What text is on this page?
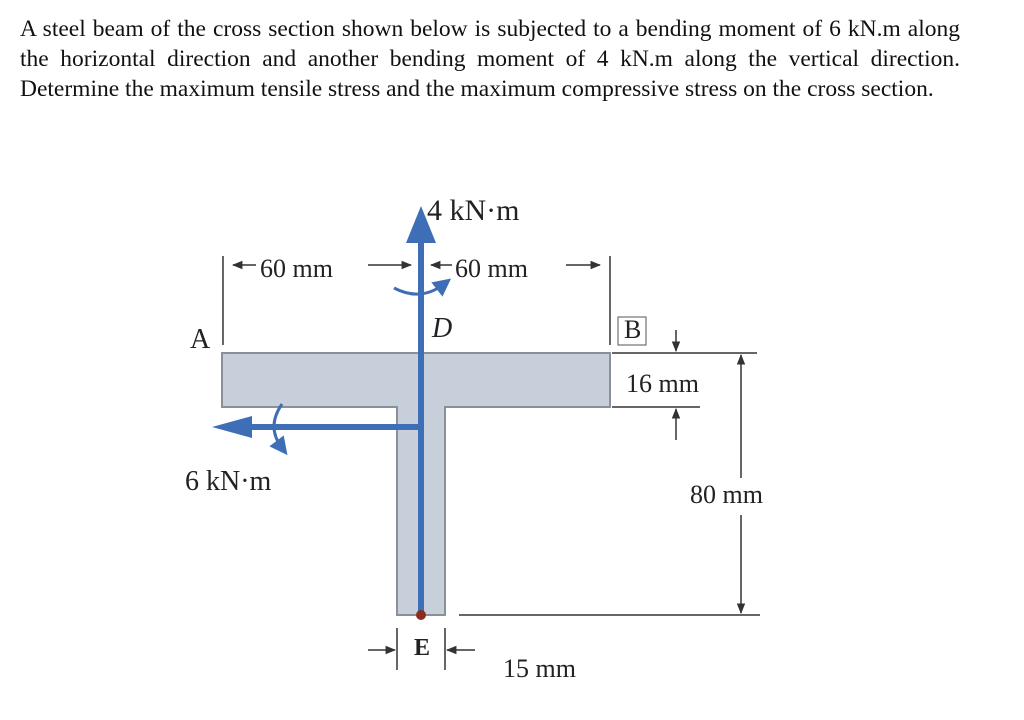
A steel beam of the cross section shown below is subjected to a bending moment of 6 kN.m along the horizontal direction and another bending moment of 4 kN.m along the vertical direction. Determine the maximum tensile stress and the maximum compressive stress on the cross section.

60 mm	60 mm
4 kN·m
6 kN·m
A	D	B
E
16 mm
80 mm
15 mm
